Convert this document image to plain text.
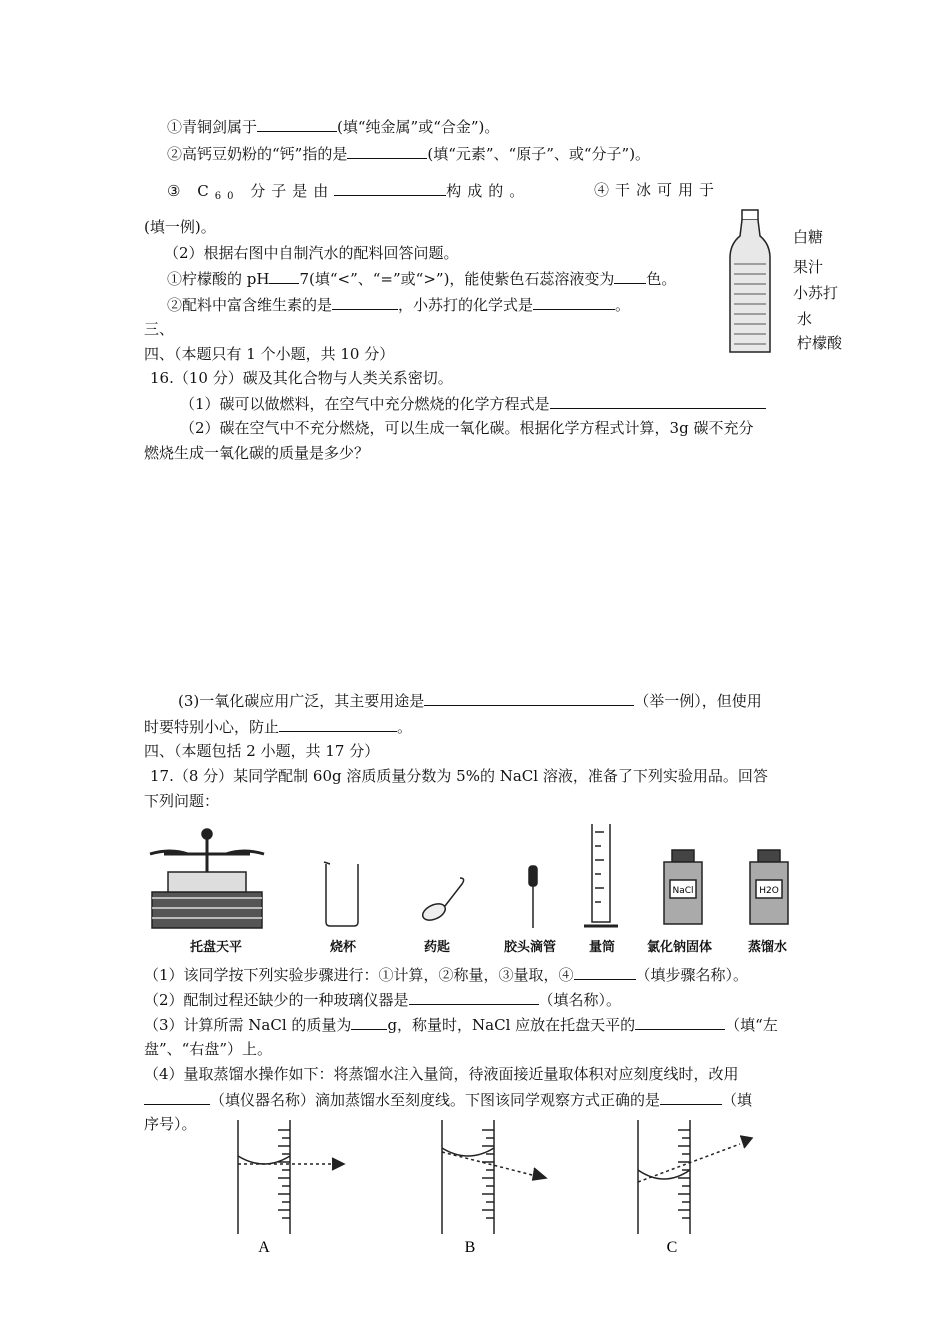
①青铜剑属于	(填“纯金属”或“合金”)。
②高钙豆奶粉的“钙”指的是	(填“元素”、“原子”、或“分子”)。
③ $C_{60}$ 分子是由	构成的。	④干冰可用于
(填一例)。
（2）根据右图中自制汽水的配料回答问题。
①柠檬酸的 pH 7(填“<”、“=”或“>”)，能使紫色石蕊溶液变为 色。
②配料中富含维生素的是	，小苏打的化学式是	。
白糖
果汁
小苏打
水
柠檬酸
三、
四、（本题只有 1 个小题，共 10 分）
16.（10 分）碳及其化合物与人类关系密切。
（1）碳可以做燃料，在空气中充分燃烧的化学方程式是
（2）碳在空气中不充分燃烧，可以生成一氧化碳。根据化学方程式计算，3g 碳不充分
燃烧生成一氧化碳的质量是多少？
(3)一氧化碳应用广泛，其主要用途是	（举一例），但使用
时要特别小心，防止	。
四、（本题包括 2 小题，共 17 分）
17.（8 分）某同学配制 60g 溶质质量分数为 5%的 NaCl 溶液，准备了下列实验用品。回答
下列问题：
NaCl	H2O
托盘天平	烧杯	药匙	胶头滴管	量筒 氯化钠固体	蒸馏水
（1）该同学按下列实验步骤进行：①计算，②称量，③量取，④	（填步骤名称）。
（2）配制过程还缺少的一种玻璃仪器是	（填名称）。
（3）计算所需 NaCl 的质量为 g，称量时，NaCl 应放在托盘天平的	（填“左
盘”、“右盘”）上。
（4）量取蒸馏水操作如下：将蒸馏水注入量筒，待液面接近量取体积对应刻度线时，改用
（填仪器名称）滴加蒸馏水至刻度线。下图该同学观察方式正确的是	（填
序号）。
A	B	C
